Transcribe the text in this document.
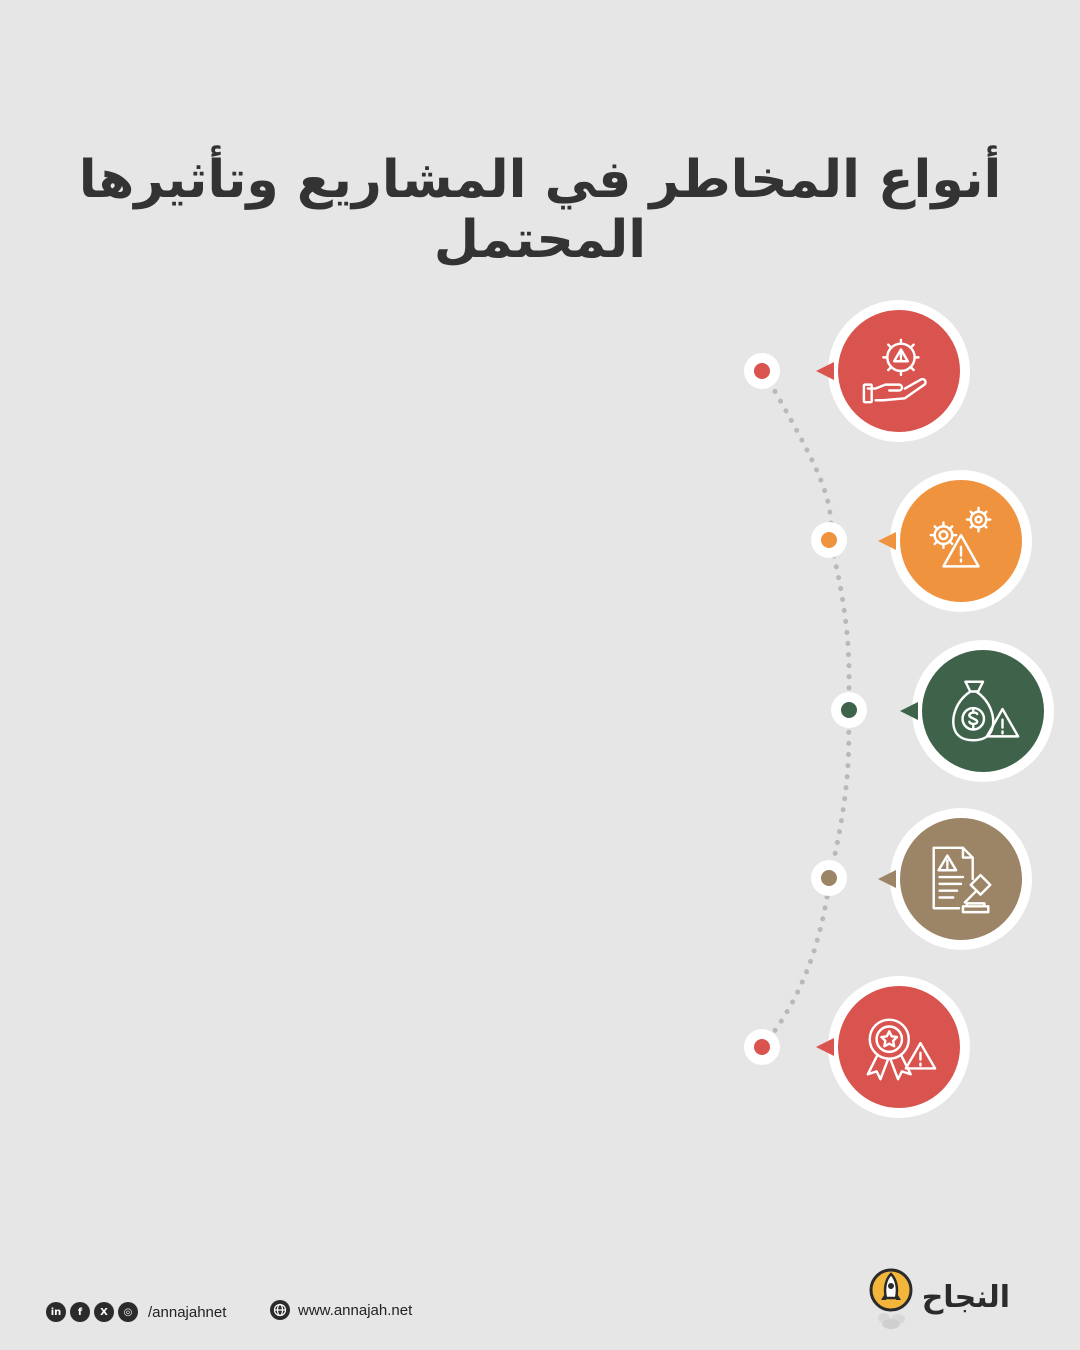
أنواع المخاطر في المشاريع وتأثيرها المحتمل

in	f	X	◎	/annajahnet	www.annajah.net	النجاح
